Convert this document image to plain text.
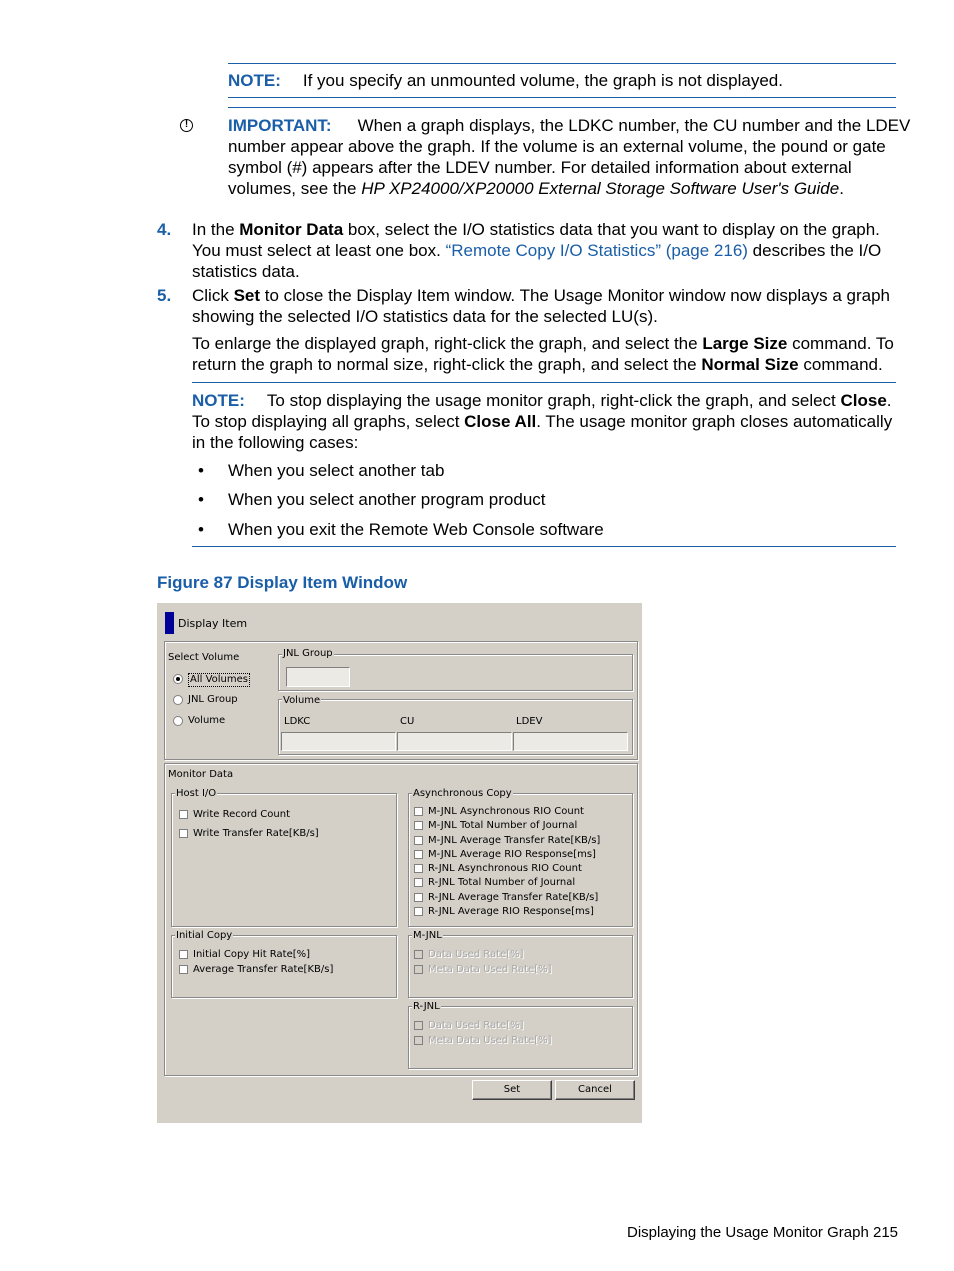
NOTE: If you specify an unmounted volume, the graph is not displayed.
! IMPORTANT: When a graph displays, the LDKC number, the CU number and the LDEV
number appear above the graph. If the volume is an external volume, the pound or gate
symbol (#) appears after the LDEV number. For detailed information about external
volumes, see the HP XP24000/XP20000 External Storage Software User's Guide.
4. In the Monitor Data box, select the I/O statistics data that you want to display on the graph.
You must select at least one box. “Remote Copy I/O Statistics” (page 216) describes the I/O
statistics data.
5. Click Set to close the Display Item window. The Usage Monitor window now displays a graph
showing the selected I/O statistics data for the selected LU(s).
To enlarge the displayed graph, right-click the graph, and select the Large Size command. To
return the graph to normal size, right-click the graph, and select the Normal Size command.
NOTE: To stop displaying the usage monitor graph, right-click the graph, and select Close.
To stop displaying all graphs, select Close All. The usage monitor graph closes automatically
in the following cases:
• When you select another tab
• When you select another program product
• When you exit the Remote Web Console software
Figure 87 Display Item Window
Display Item
Select Volume
All Volumes
JNL Group
Volume
JNL Group
Volume
LDKC	CU	LDEV
Monitor Data
Host I/O
Write Record Count
Write Transfer Rate[KB/s]
Asynchronous Copy
M-JNL Asynchronous RIO Count
M-JNL Total Number of Journal
M-JNL Average Transfer Rate[KB/s]
M-JNL Average RIO Response[ms]
R-JNL Asynchronous RIO Count
R-JNL Total Number of Journal
R-JNL Average Transfer Rate[KB/s]
R-JNL Average RIO Response[ms]
Initial Copy
Initial Copy Hit Rate[%]
Average Transfer Rate[KB/s]
M-JNL
Data Used Rate[%]
Meta Data Used Rate[%]
R-JNL
Data Used Rate[%]
Meta Data Used Rate[%]
Set	Cancel
Displaying the Usage Monitor Graph 215
